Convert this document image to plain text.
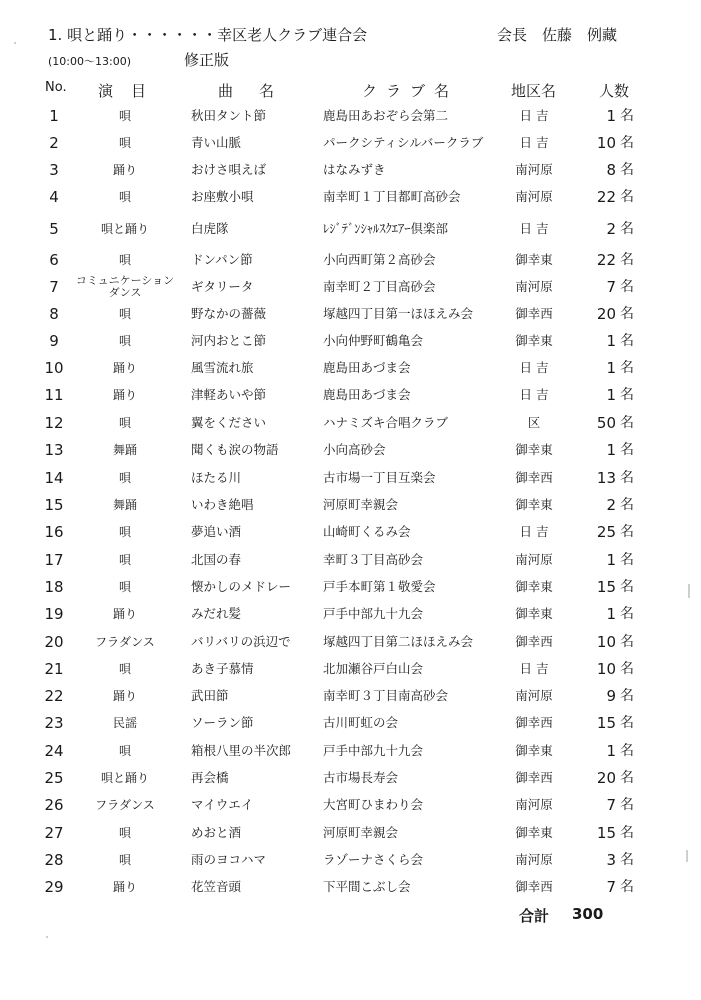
1. 唄と踊り・・・・・・幸区老人クラブ連合会	会長　佐藤　例藏
(10:00～13:00)	修正版
No. 演目	曲名	クラブ名	地区名	人数
1	唄	秋田タント節	鹿島田あおぞら会第二	日 吉	1 名
2	唄	青い山脈	パークシティシルバークラブ	日 吉	10 名
3	踊り	おけさ唄えば	はなみずき	南河原	8 名
4	唄	お座敷小唄	南幸町１丁目都町高砂会	南河原	22 名
5	唄と踊り	白虎隊	ﾚｼﾞﾃﾞﾝｼｬﾙｽｸｴｱｰ倶楽部	日 吉	2 名
6	唄	ドンパン節	小向西町第２高砂会	御幸東	22 名
7	コミュニケーション
ダンス	ギタリータ	南幸町２丁目高砂会	南河原	7 名
8	唄	野なかの薔薇	塚越四丁目第一ほほえみ会	御幸西	20 名
9	唄	河内おとこ節	小向仲野町鶴亀会	御幸東	1 名
10	踊り	風雪流れ旅	鹿島田あづま会	日 吉	1 名
11	踊り	津軽あいや節	鹿島田あづま会	日 吉	1 名
12	唄	翼をください	ハナミズキ合唱クラブ	区	50 名
13	舞踊	聞くも涙の物語	小向高砂会	御幸東	1 名
14	唄	ほたる川	古市場一丁目互楽会	御幸西	13 名
15	舞踊	いわき絶唱	河原町幸親会	御幸東	2 名
16	唄	夢追い酒	山崎町くるみ会	日 吉	25 名
17	唄	北国の春	幸町３丁目高砂会	南河原	1 名
18	唄	懐かしのメドレー	戸手本町第１敬愛会	御幸東	15 名
19	踊り	みだれ髪	戸手中部九十九会	御幸東	1 名
20	フラダンス	バリバリの浜辺で	塚越四丁目第二ほほえみ会	御幸西	10 名
21	唄	あき子慕情	北加瀬谷戸白山会	日 吉	10 名
22	踊り	武田節	南幸町３丁目南高砂会	南河原	9 名
23	民謡	ソーラン節	古川町虹の会	御幸西	15 名
24	唄	箱根八里の半次郎	戸手中部九十九会	御幸東	1 名
25	唄と踊り	再会橋	古市場長寿会	御幸西	20 名
26	フラダンス	マイウエイ	大宮町ひまわり会	南河原	7 名
27	唄	めおと酒	河原町幸親会	御幸東	15 名
28	唄	雨のヨコハマ	ラゾーナさくら会	南河原	3 名
29	踊り	花笠音頭	下平間こぶし会	御幸西	7 名
合計 300
